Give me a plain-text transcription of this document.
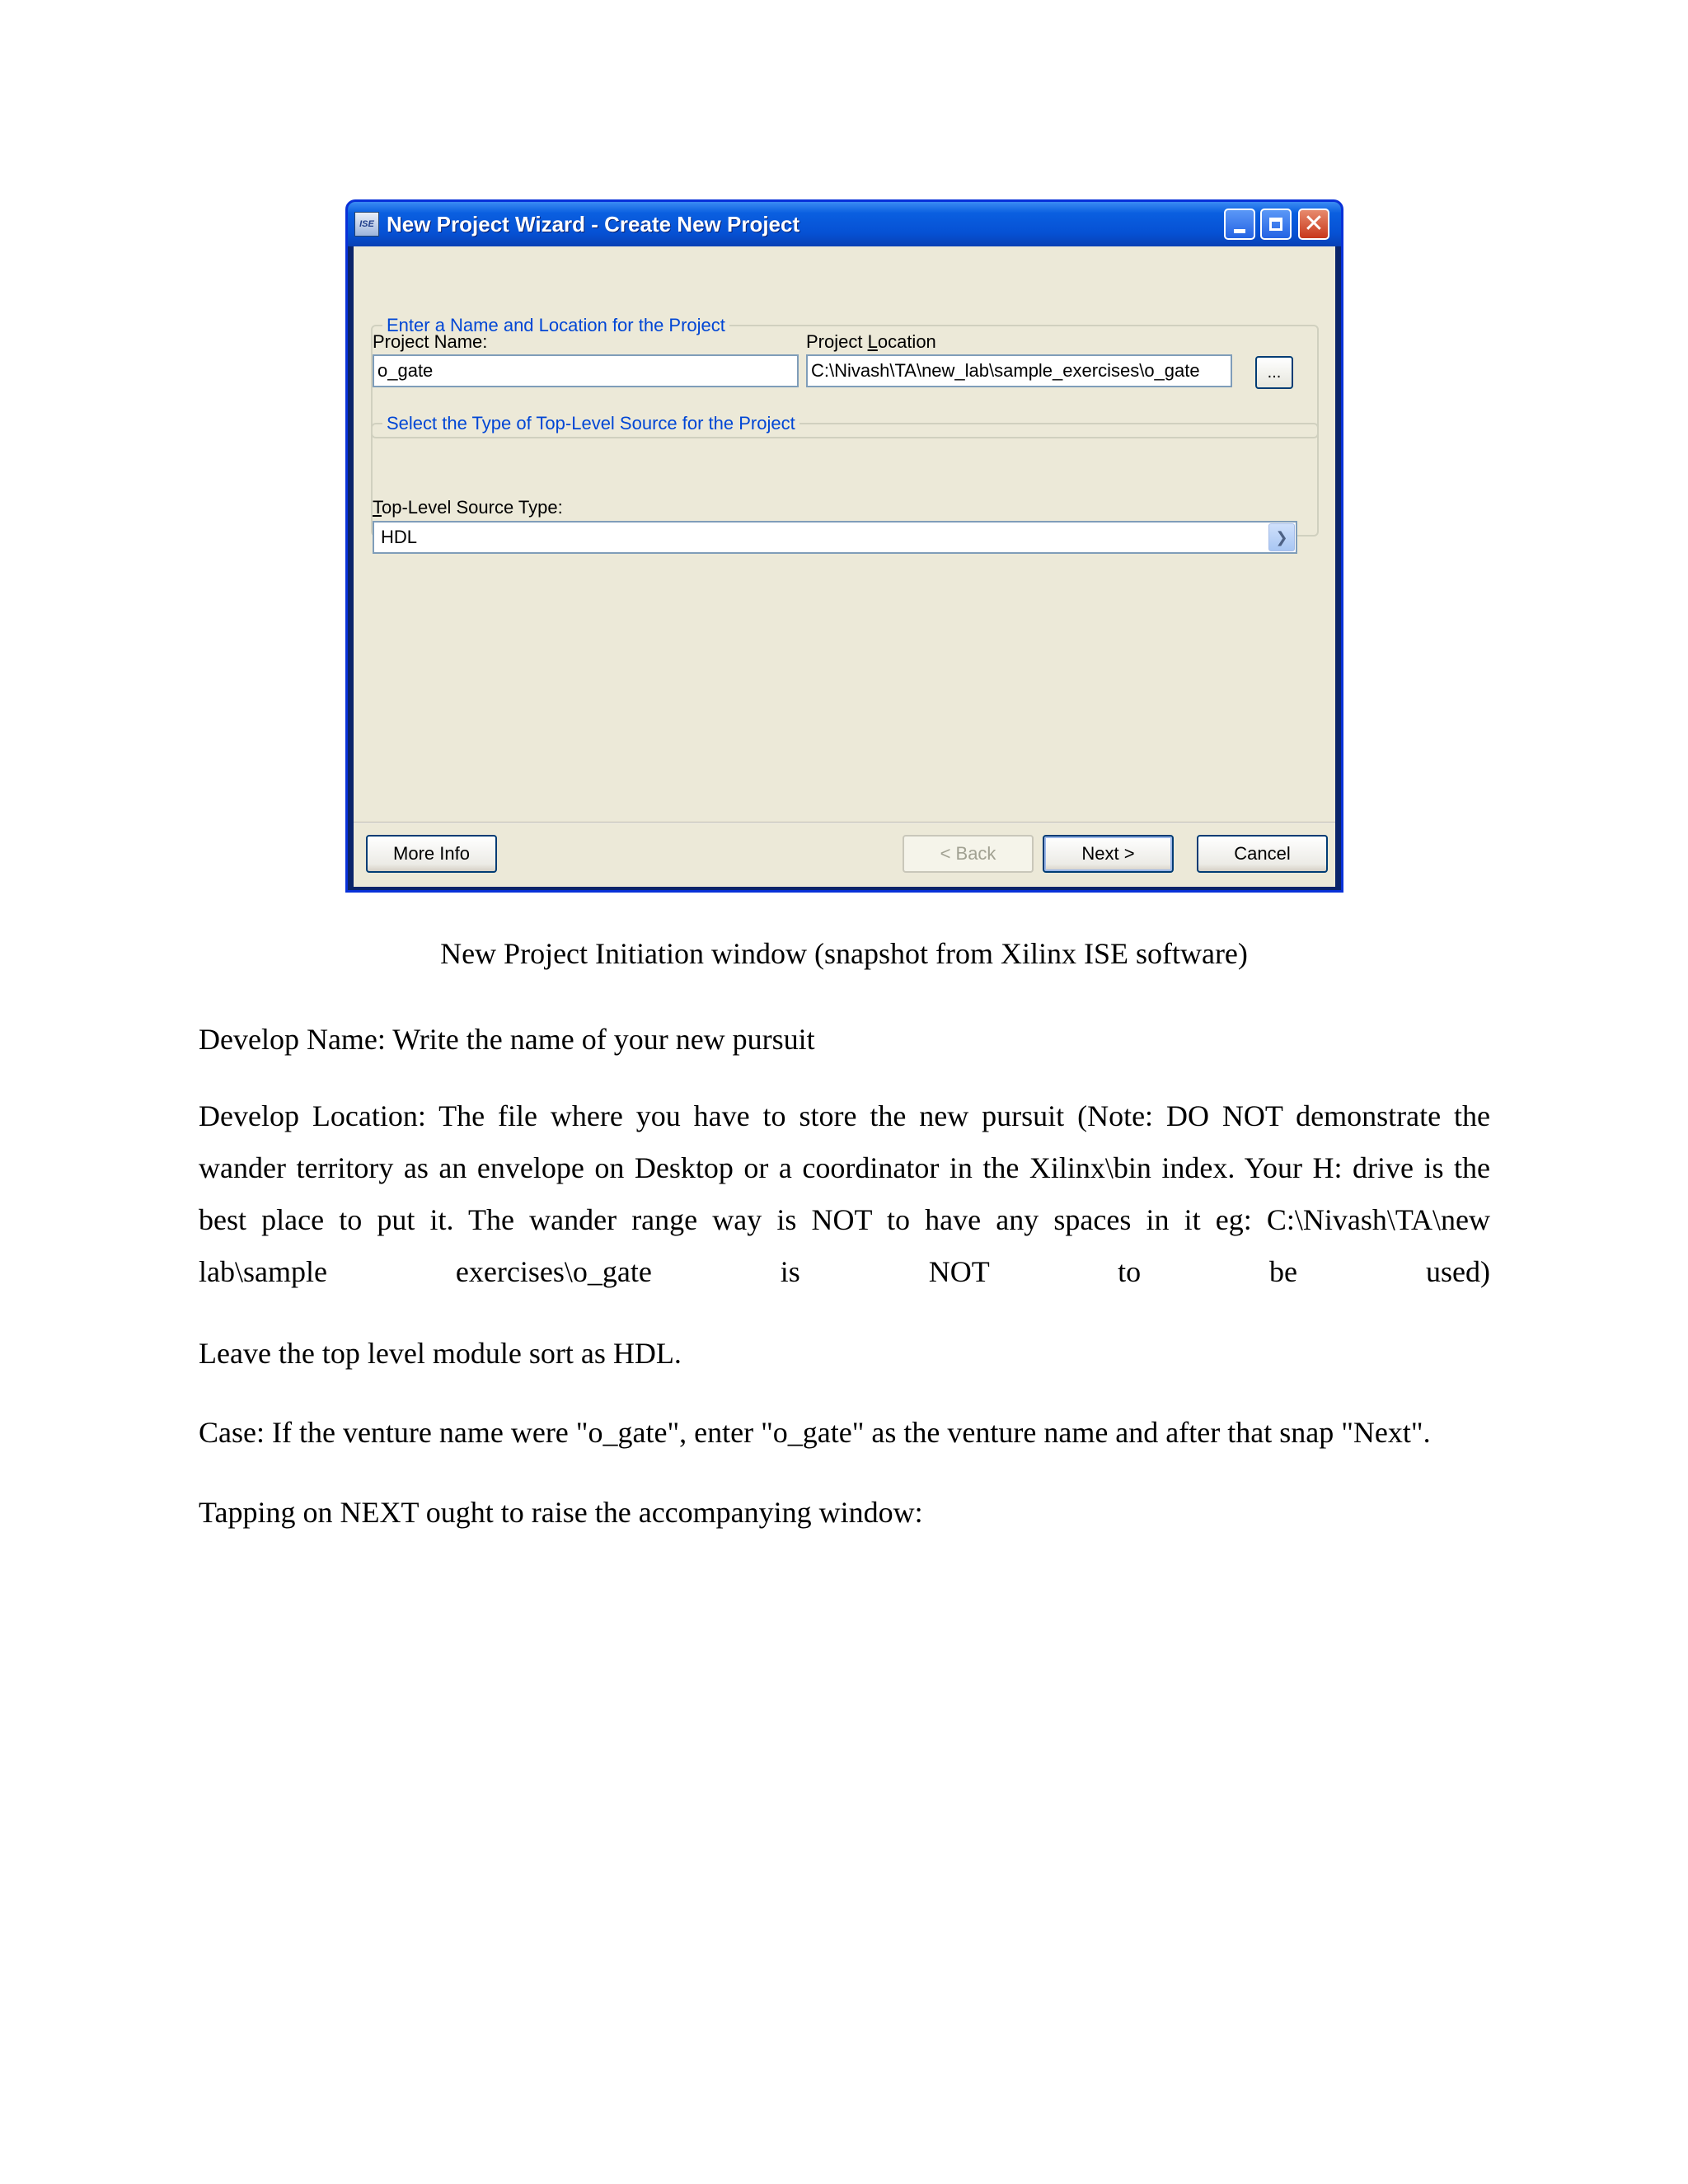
ISE New Project Wizard - Create New Project	✕
Enter a Name and Location for the Project
Project Name:
o_gate
Project Location
C:\Nivash\TA\new_lab\sample_exercises\o_gate	...
Select the Type of Top-Level Source for the Project
Top-Level Source Type:
HDL	❯
More Info	< Back	Next >	Cancel
New Project Initiation window (snapshot from Xilinx ISE software)
Develop Name: Write the name of your new pursuit
Develop Location: The file where you have to store the new pursuit (Note: DO NOT demonstrate the wander territory as an envelope on Desktop or a coordinator in the Xilinx\bin index. Your H: drive is the best place to put it. The wander range way is NOT to have any spaces in it eg: C:\Nivash\TA\new lab\sample exercises\o_gate is NOT to be used)
Leave the top level module sort as HDL.
Case: If the venture name were "o_gate", enter "o_gate" as the venture name and after that snap "Next".
Tapping on NEXT ought to raise the accompanying window:
